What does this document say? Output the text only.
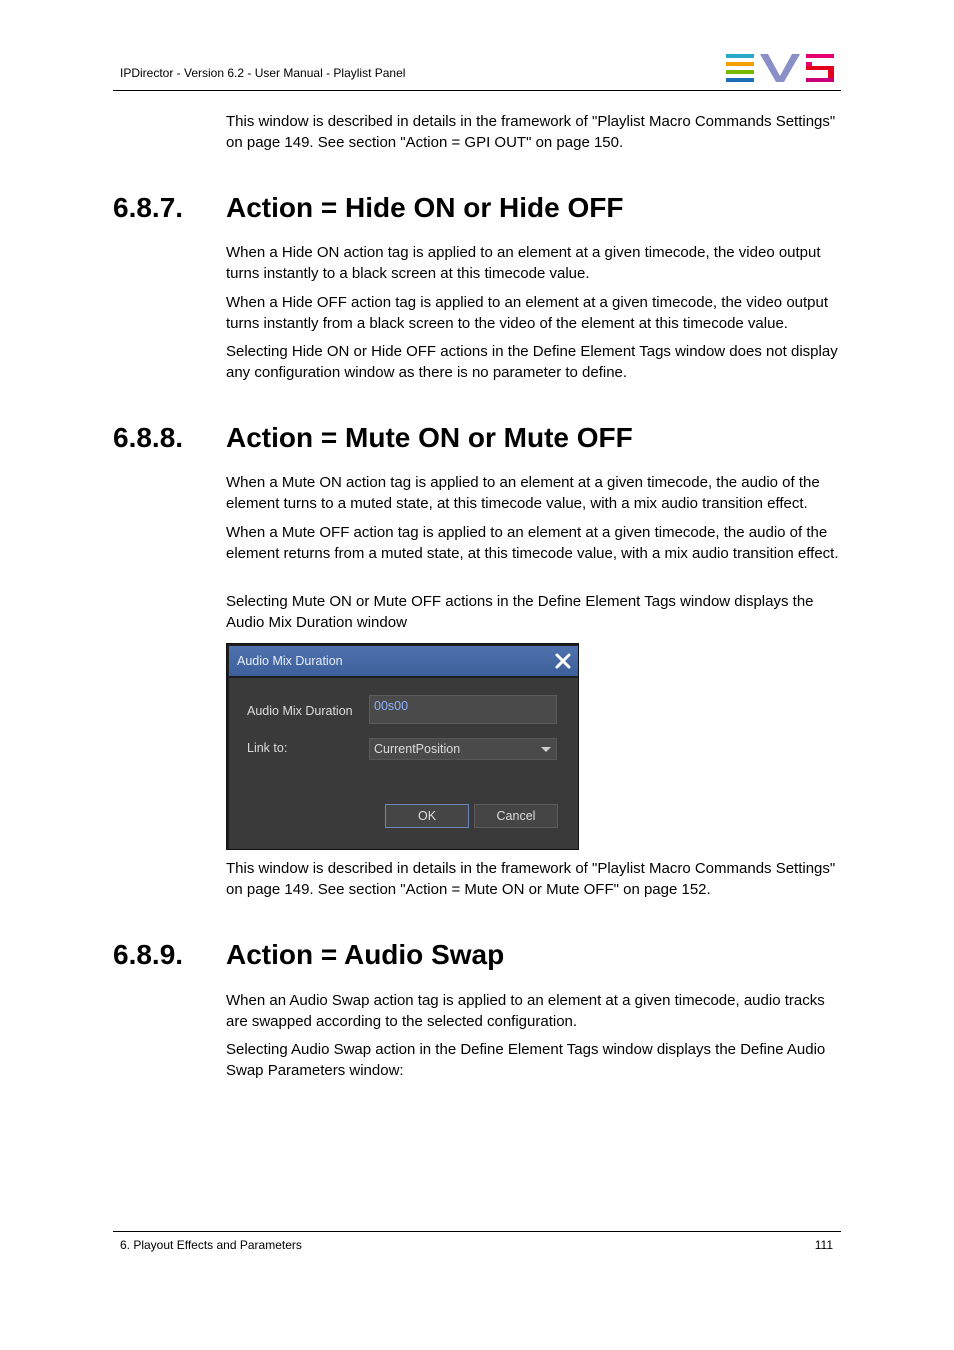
IPDirector - Version 6.2 - User Manual - Playlist Panel

This window is described in details in the framework of "Playlist Macro Commands Settings" on page 149. See section "Action = GPI OUT" on page 150.

6.8.7. Action = Hide ON or Hide OFF

When a Hide ON action tag is applied to an element at a given timecode, the video output turns instantly to a black screen at this timecode value.

When a Hide OFF action tag is applied to an element at a given timecode, the video output turns instantly from a black screen to the video of the element at this timecode value.

Selecting Hide ON or Hide OFF actions in the Define Element Tags window does not display any configuration window as there is no parameter to define.

6.8.8. Action = Mute ON or Mute OFF

When a Mute ON action tag is applied to an element at a given timecode, the audio of the element turns to a muted state, at this timecode value, with a mix audio transition effect.

When a Mute OFF action tag is applied to an element at a given timecode, the audio of the element returns from a muted state, at this timecode value, with a mix audio transition effect.

Selecting Mute ON or Mute OFF actions in the Define Element Tags window displays the Audio Mix Duration window

Audio Mix Duration
Audio Mix Duration	00s00
Link to:	CurrentPosition
OK	Cancel

This window is described in details in the framework of "Playlist Macro Commands Settings" on page 149. See section "Action = Mute ON or Mute OFF" on page 152.

6.8.9. Action = Audio Swap

When an Audio Swap action tag is applied to an element at a given timecode, audio tracks are swapped according to the selected configuration.

Selecting Audio Swap action in the Define Element Tags window displays the Define Audio Swap Parameters window:

6. Playout Effects and Parameters	111
